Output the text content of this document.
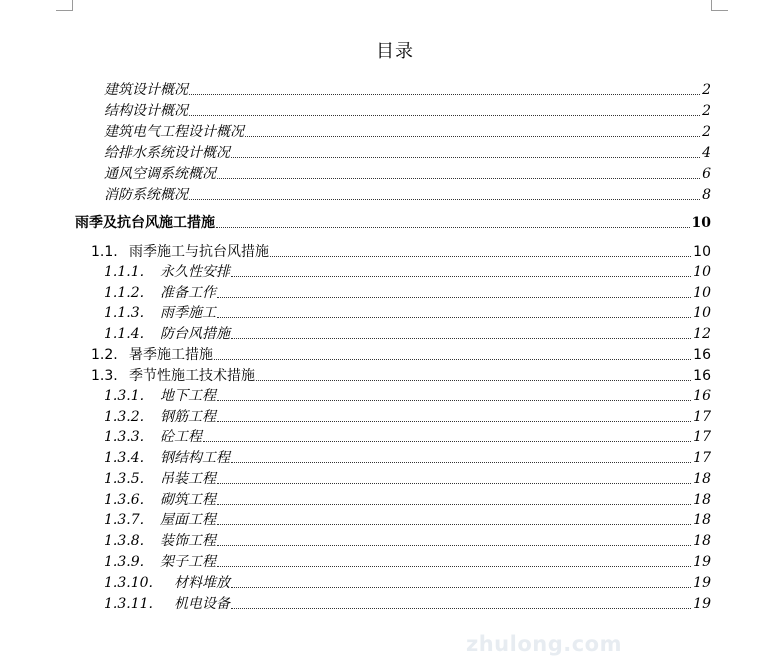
目录
建筑设计概况	2
结构设计概况	2
建筑电气工程设计概况	2
给排水系统设计概况	4
通风空调系统概况	6
消防系统概况	8
雨季及抗台风施工措施	10
1.1. 雨季施工与抗台风措施	10
1.1.1.	永久性安排	10
1.1.2.	准备工作	10
1.1.3.	雨季施工	10
1.1.4.	防台风措施	12
1.2. 暑季施工措施	16
1.3. 季节性施工技术措施	16
1.3.1.	地下工程	16
1.3.2.	钢筋工程	17
1.3.3.	砼工程	17
1.3.4.	钢结构工程	17
1.3.5.	吊装工程	18
1.3.6.	砌筑工程	18
1.3.7.	屋面工程	18
1.3.8.	装饰工程	18
1.3.9.	架子工程	19
1.3.10.	材料堆放	19
1.3.11.	机电设备	19
zhulong.com
